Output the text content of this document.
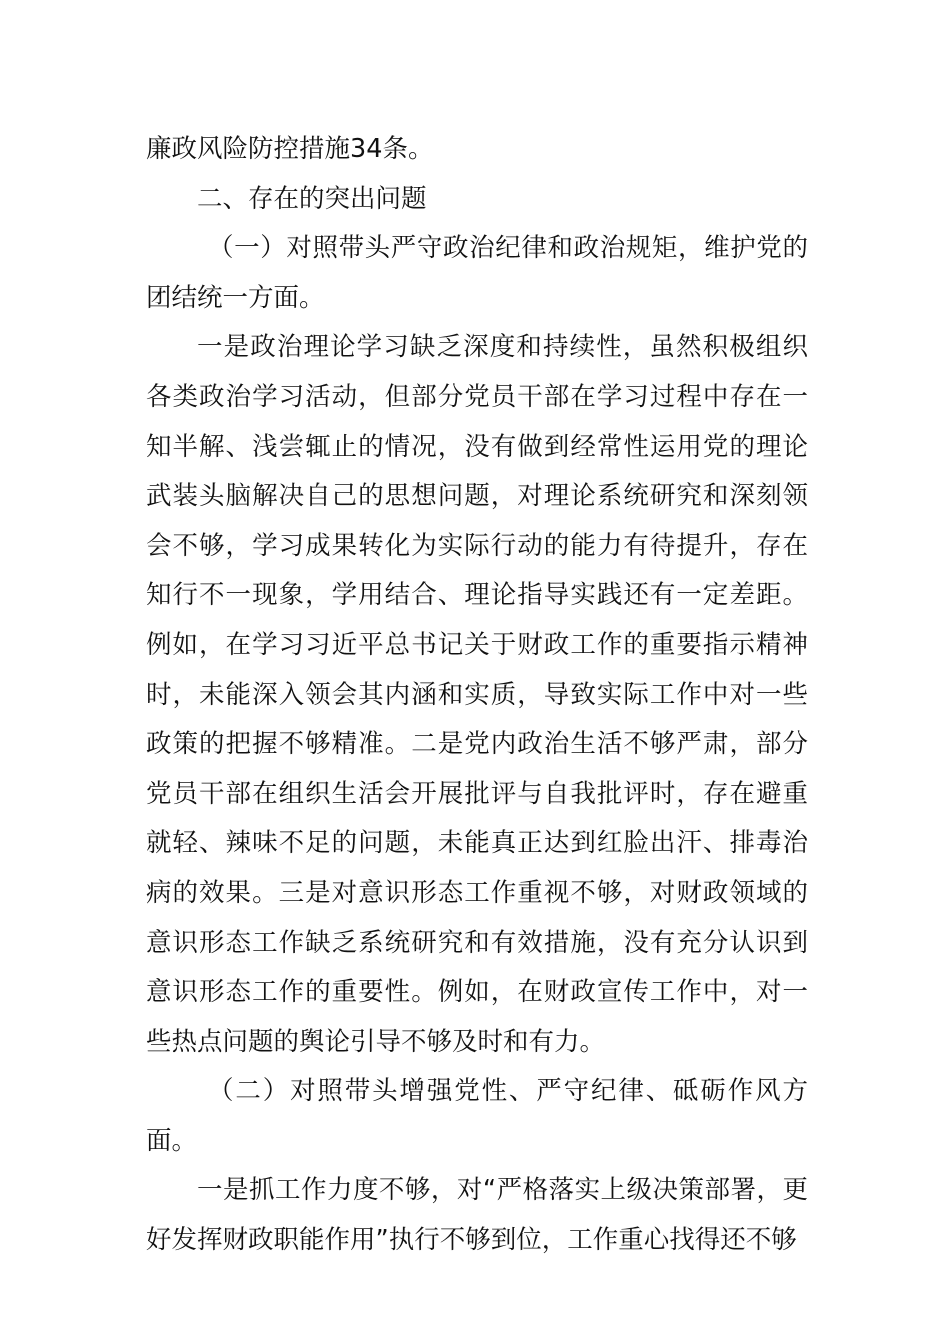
廉政风险防控措施34条。

二、存在的突出问题

（一）对照带头严守政治纪律和政治规矩，维护党的团结统一方面。

一是政治理论学习缺乏深度和持续性，虽然积极组织各类政治学习活动，但部分党员干部在学习过程中存在一知半解、浅尝辄止的情况，没有做到经常性运用党的理论武装头脑解决自己的思想问题，对理论系统研究和深刻领会不够，学习成果转化为实际行动的能力有待提升，存在知行不一现象，学用结合、理论指导实践还有一定差距。例如，在学习习近平总书记关于财政工作的重要指示精神时，未能深入领会其内涵和实质，导致实际工作中对一些政策的把握不够精准。二是党内政治生活不够严肃，部分党员干部在组织生活会开展批评与自我批评时，存在避重就轻、辣味不足的问题，未能真正达到红脸出汗、排毒治病的效果。三是对意识形态工作重视不够，对财政领域的意识形态工作缺乏系统研究和有效措施，没有充分认识到意识形态工作的重要性。例如，在财政宣传工作中，对一些热点问题的舆论引导不够及时和有力。

（二）对照带头增强党性、严守纪律、砥砺作风方面。

一是抓工作力度不够，对“严格落实上级决策部署，更好发挥财政职能作用”执行不够到位，工作重心找得还不够
